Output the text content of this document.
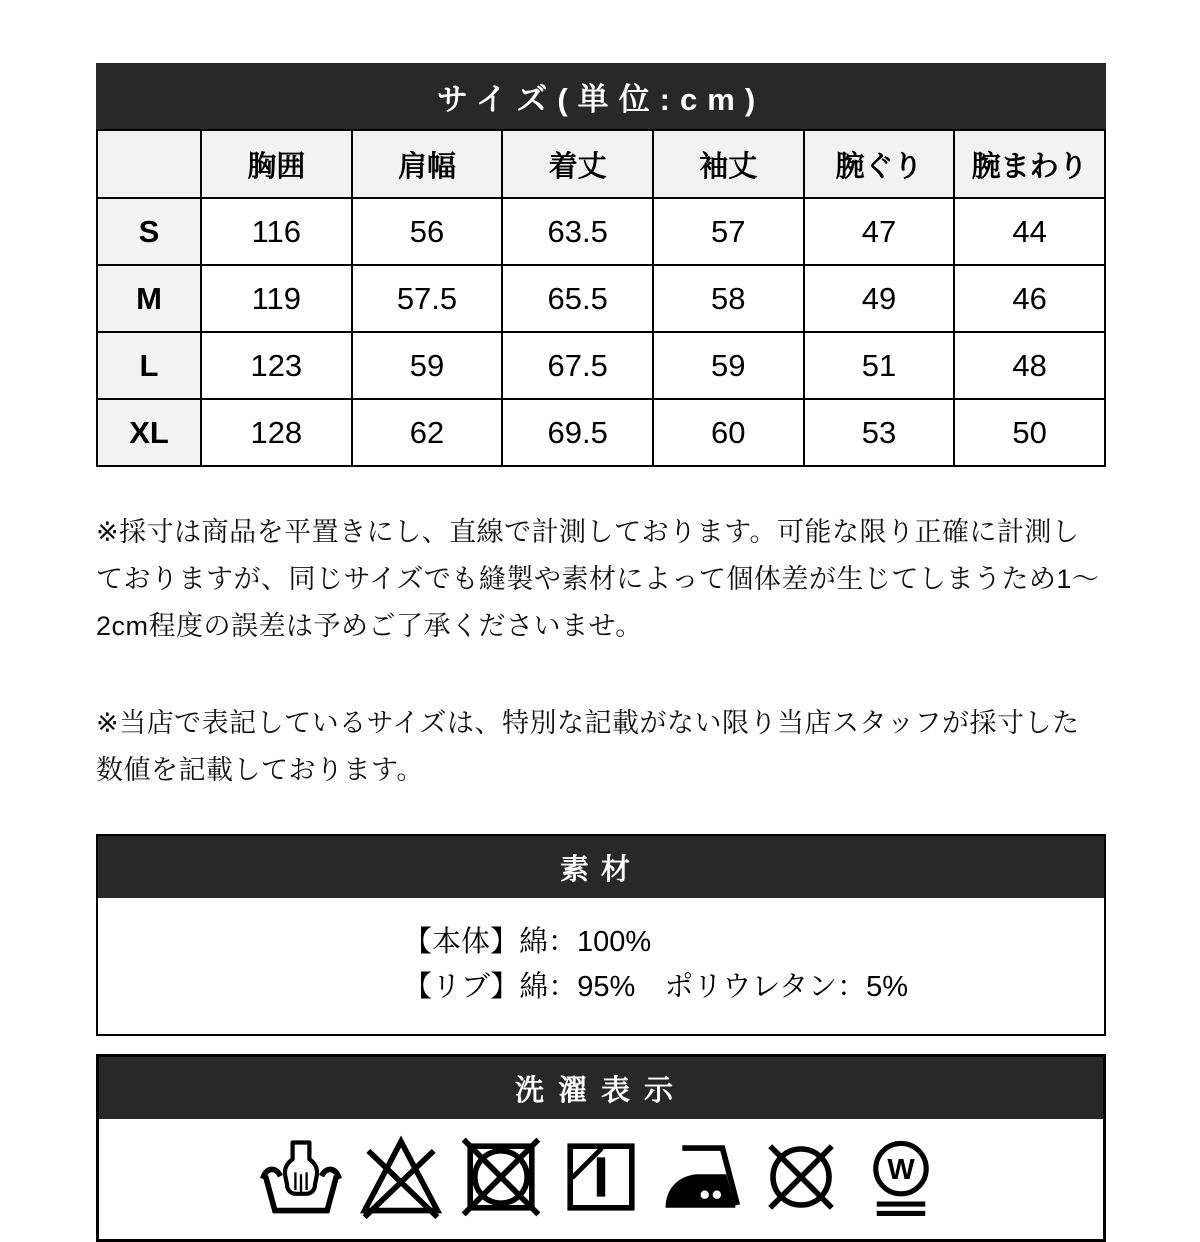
サイズ(単位:cm)
	胸囲	肩幅	着丈	袖丈	腕ぐり	腕まわり
S	116	56	63.5	57	47	44
M	119	57.5	65.5	58	49	46
L	123	59	67.5	59	51	48
XL	128	62	69.5	60	53	50

※採寸は商品を平置きにし、直線で計測しております。可能な限り正確に計測しておりますが、同じサイズでも縫製や素材によって個体差が生じてしまうため1～2cm程度の誤差は予めご了承くださいませ。

※当店で表記しているサイズは、特別な記載がない限り当店スタッフが採寸した数値を記載しております。

素材
【本体】綿：100%
【リブ】綿：95%　ポリウレタン：5%
洗濯表示
W
